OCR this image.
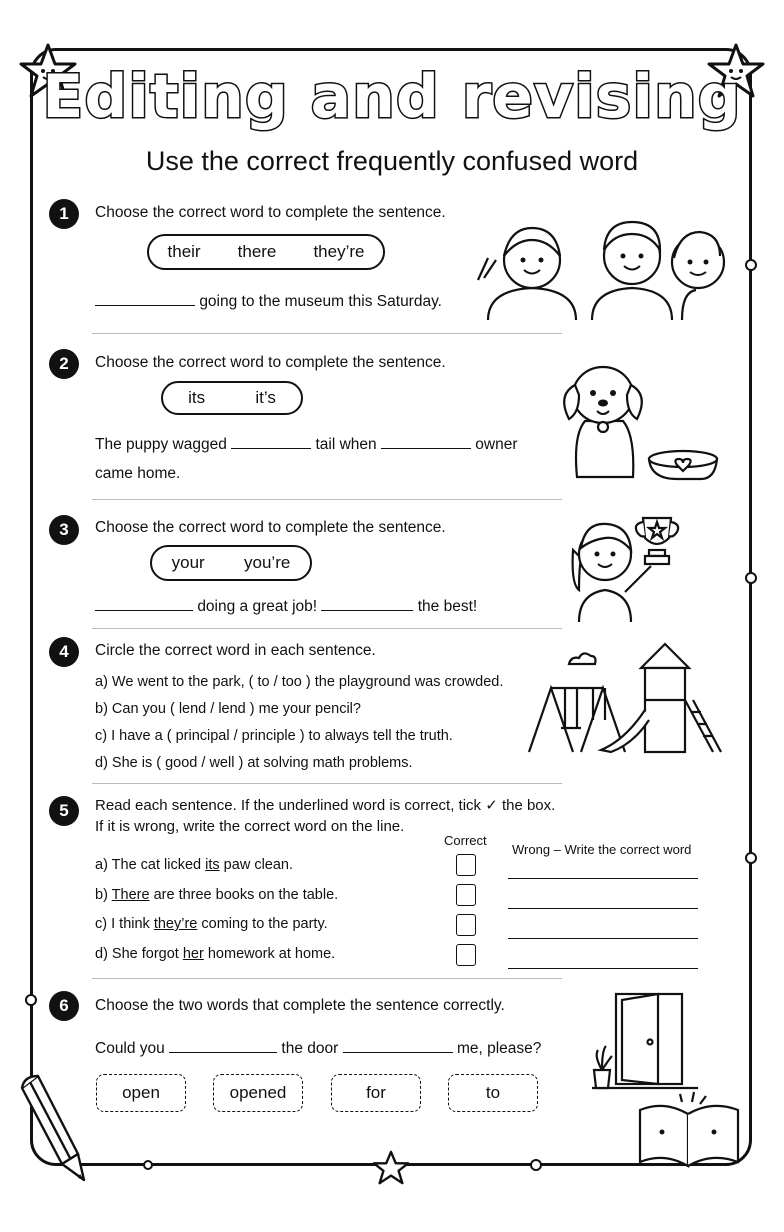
Editing and revising
Use the correct frequently confused word
1	Choose the correct word to complete the sentence.
their there they’re
going to the museum this Saturday.
2	Choose the correct word to complete the sentence.
its	it’s
The puppy wagged	tail when	owner
came home.
3	Choose the correct word to complete the sentence.
your you’re
doing a great job!	the best!
4	Circle the correct word in each sentence.
a) We went to the park, ( to / too ) the playground was crowded.
b) Can you ( lend / lend ) me your pencil?
c) I have a ( principal / principle ) to always tell the truth.
d) She is ( good / well ) at solving math problems.
5	Read each sentence. If the underlined word is correct, tick ✓ the box.
If it is wrong, write the correct word on the line.
Correct
Wrong – Write the correct word
a) The cat licked its paw clean.
b) There are three books on the table.
c) I think they’re coming to the party.
d) She forgot her homework at home.
6	Choose the two words that complete the sentence correctly.
Could you	the door	me, please?
open	opened	for	to
